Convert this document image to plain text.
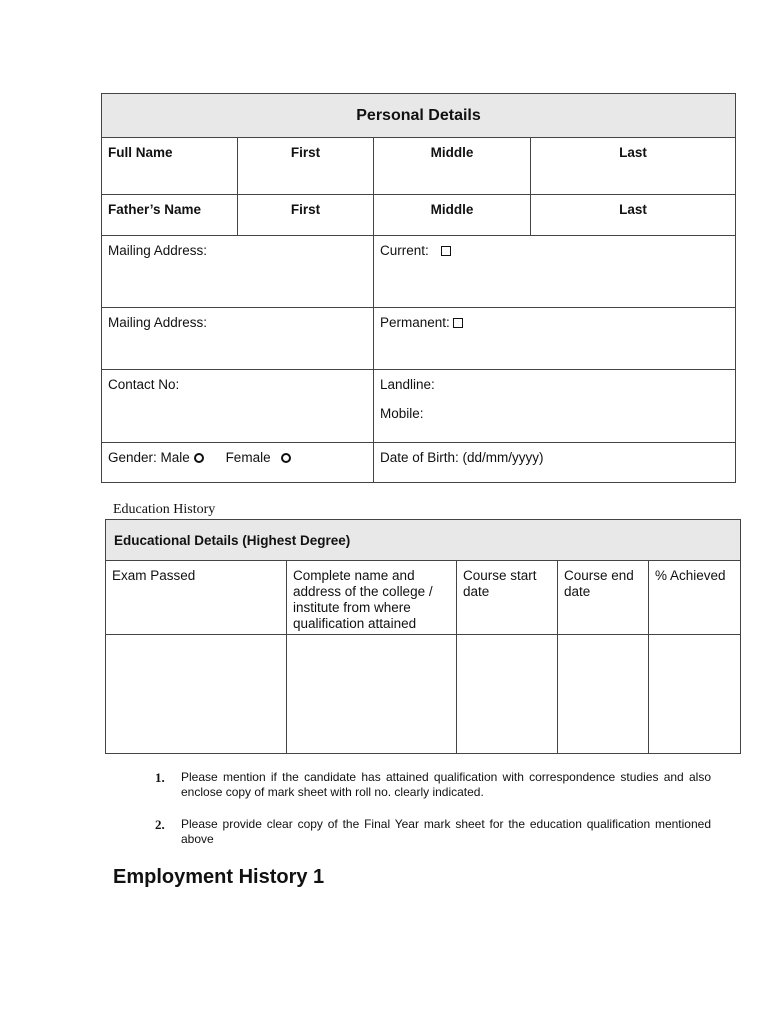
Personal Details			
Full Name	First	Middle	Last
Father’s Name	First	Middle	Last
Mailing Address:		Current:	
Mailing Address:		Permanent:	
Contact No:		Landline:
Mobile:	

Gender: Male Female		Date of Birth: (dd/mm/yyyy)	
Education History
Educational Details (Highest Degree)				
Exam Passed	Complete name and address of the college / institute from where qualification attained	Course start date	Course end date	% Achieved

1.	Please mention if the candidate has attained qualification with correspondence studies and also enclose copy of mark sheet with roll no. clearly indicated.
2.	Please provide clear copy of the Final Year mark sheet for the education qualification mentioned above
Employment History 1
